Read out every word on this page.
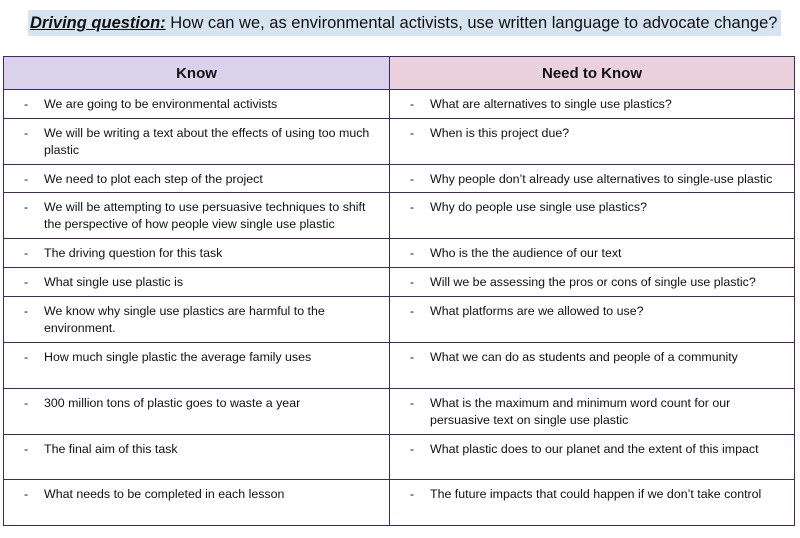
Driving question: How can we, as environmental activists, use written language to advocate change?
Know	Need to Know

- We are going to be environmental activists	- What are alternatives to single use plastics?

- We will be writing a text about the effects of using too much plastic	- When is this project due?

- We need to plot each step of the project	- Why people don’t already use alternatives to single-use plastic

- We will be attempting to use persuasive techniques to shift the perspective of how people view single use plastic	- Why do people use single use plastics?

- The driving question for this task	- Who is the the audience of our text

- What single use plastic is	- Will we be assessing the pros or cons of single use plastic?

- We know why single use plastics are harmful to the environment.	- What platforms are we allowed to use?

- How much single plastic the average family uses	- What we can do as students and people of a community

- 300 million tons of plastic goes to waste a year	- What is the maximum and minimum word count for our persuasive text on single use plastic

- The final aim of this task	- What plastic does to our planet and the extent of this impact

- What needs to be completed in each lesson	- The future impacts that could happen if we don’t take control
